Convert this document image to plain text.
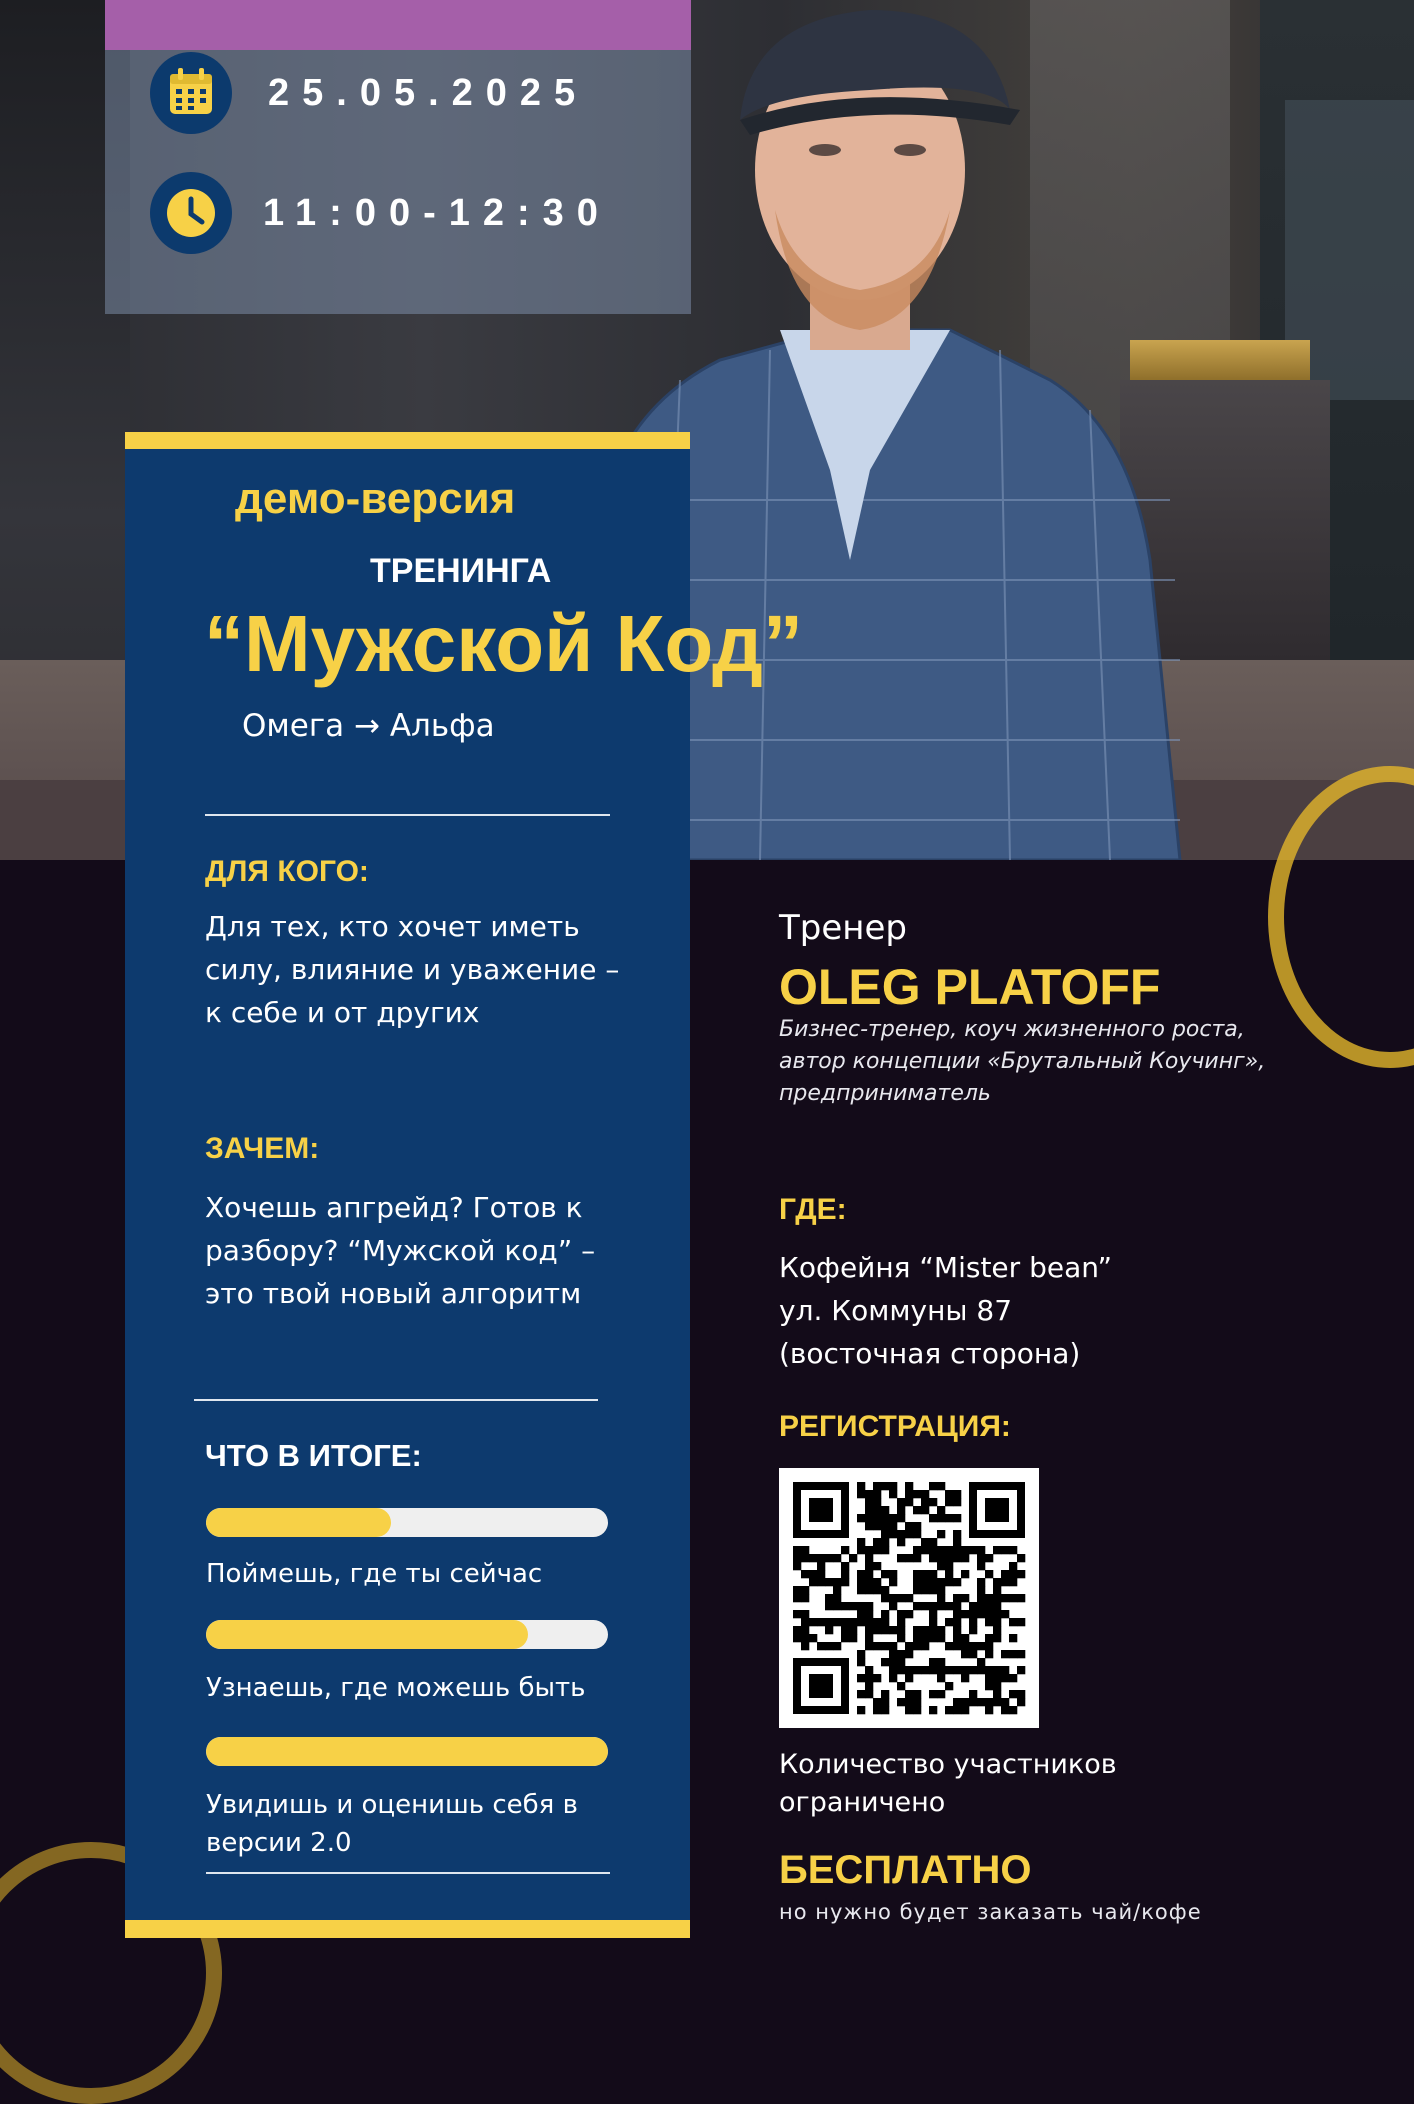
25.05.2025
11:00-12:30
демо-версия
ТРЕНИНГА
“Мужской Код”
Омега → Альфа
ДЛЯ КОГО:
Для тех, кто хочет иметь силу, влияние и уважение – к себе и от других
ЗАЧЕМ:
Хочешь апгрейд? Готов к разбору? “Мужской код” – это твой новый алгоритм
ЧТО В ИТОГЕ:
Поймешь, где ты сейчас
Узнаешь, где можешь быть
Увидишь и оценишь себя в версии 2.0
Тренер
OLEG PLATOFF
Бизнес-тренер, коуч жизненного роста, автор концепции «Брутальный Коучинг», предприниматель
ГДЕ:
Кофейня “Mister bean”
ул. Коммуны 87
(восточная сторона)
РЕГИСТРАЦИЯ:
Количество участников ограничено
БЕСПЛАТНО
но нужно будет заказать чай/кофе
